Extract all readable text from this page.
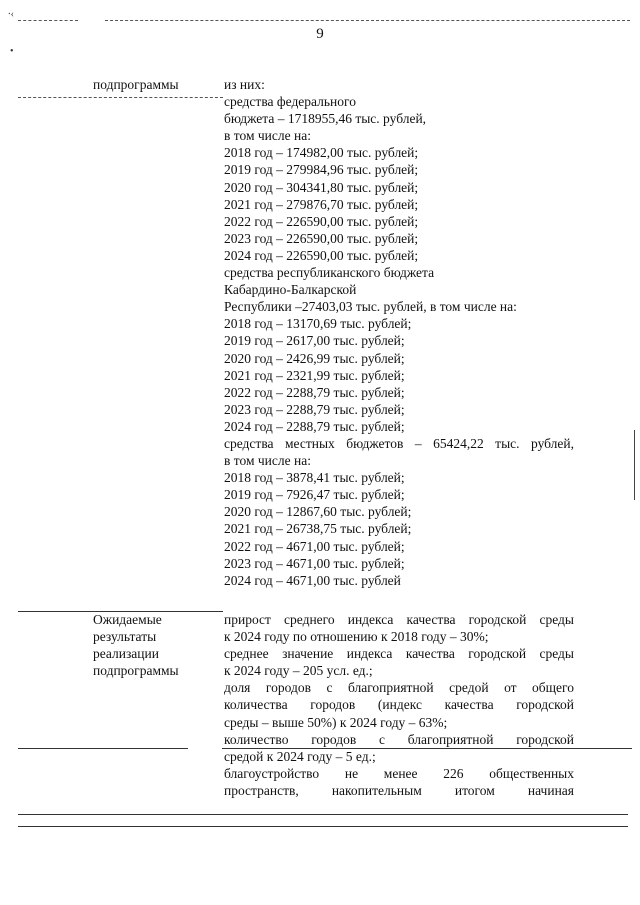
⸱‹
•
9
подпрограммы	из них:
средства федерального
бюджета – 1718955,46 тыс. рублей,
в том числе на:
2018 год – 174982,00 тыс. рублей;
2019 год – 279984,96 тыс. рублей;
2020 год – 304341,80 тыс. рублей;
2021 год – 279876,70 тыс. рублей;
2022 год – 226590,00 тыс. рублей;
2023 год – 226590,00 тыс. рублей;
2024 год – 226590,00 тыс. рублей;
средства республиканского бюджета
Кабардино-Балкарской
Республики –27403,03 тыс. рублей, в том числе на:
2018 год – 13170,69 тыс. рублей;
2019 год – 2617,00 тыс. рублей;
2020 год – 2426,99 тыс. рублей;
2021 год – 2321,99 тыс. рублей;
2022 год – 2288,79 тыс. рублей;
2023 год – 2288,79 тыс. рублей;
2024 год – 2288,79 тыс. рублей;
средства местных бюджетов – 65424,22 тыс. рублей,
в том числе на:
2018 год – 3878,41 тыс. рублей;
2019 год – 7926,47 тыс. рублей;
2020 год – 12867,60 тыс. рублей;
2021 год – 26738,75 тыс. рублей;
2022 год – 4671,00 тыс. рублей;
2023 год – 4671,00 тыс. рублей;
2024 год – 4671,00 тыс. рублей
Ожидаемые
результаты
реализации
подпрограммы
прирост среднего индекса качества городской среды
к 2024 году по отношению к 2018 году – 30%;
среднее значение индекса качества городской среды
к 2024 году – 205 усл. ед.;
доля городов с благоприятной средой от общего
количества городов (индекс качества городской
среды – выше 50%) к 2024 году – 63%;
количество городов с благоприятной городской
средой к 2024 году – 5 ед.;
благоустройство не менее 226 общественных
пространств, накопительным итогом начиная
